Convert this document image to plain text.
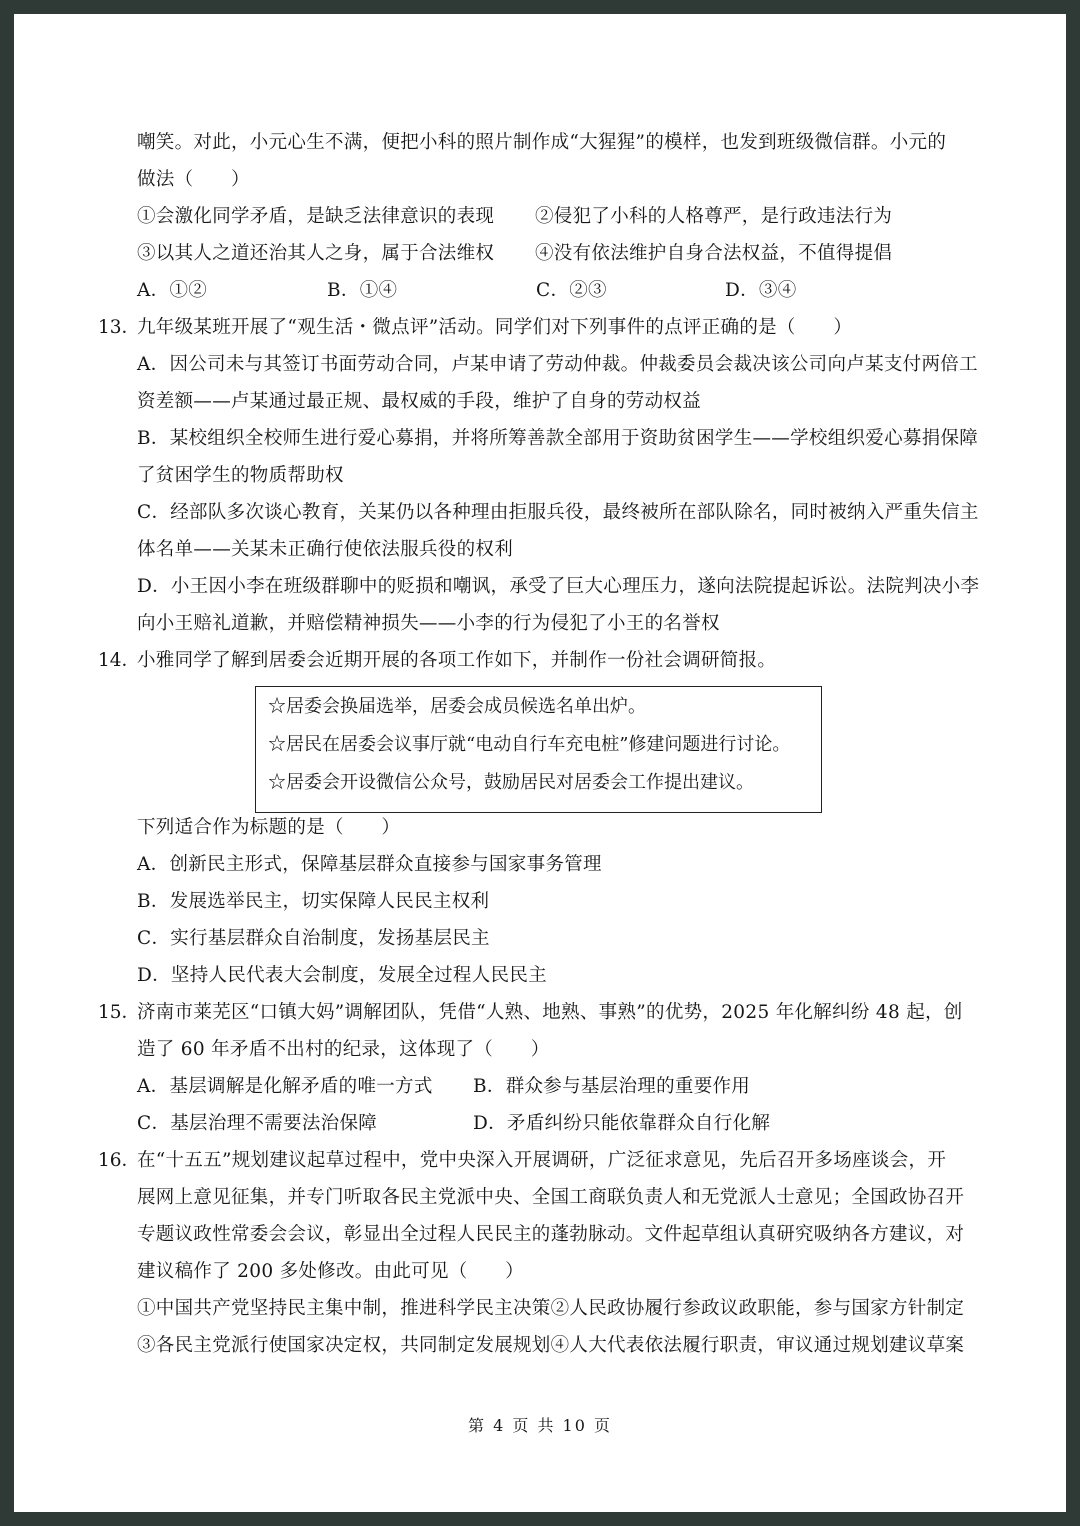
嘲笑。对此，小元心生不满，便把小科的照片制作成“大猩猩”的模样，也发到班级微信群。小元的
做法（　　）
①会激化同学矛盾，是缺乏法律意识的表现 ②侵犯了小科的人格尊严，是行政违法行为
③以其人之道还治其人之身，属于合法维权 ④没有依法维护自身合法权益，不值得提倡
A．①②	B．①④	C．②③	D．③④
13．
九年级某班开展了“观生活・微点评”活动。同学们对下列事件的点评正确的是（　　）
A．因公司未与其签订书面劳动合同，卢某申请了劳动仲裁。仲裁委员会裁决该公司向卢某支付两倍工
资差额——卢某通过最正规、最权威的手段，维护了自身的劳动权益
B．某校组织全校师生进行爱心募捐，并将所筹善款全部用于资助贫困学生——学校组织爱心募捐保障
了贫困学生的物质帮助权
C．经部队多次谈心教育，关某仍以各种理由拒服兵役，最终被所在部队除名，同时被纳入严重失信主
体名单——关某未正确行使依法服兵役的权利
D．小王因小李在班级群聊中的贬损和嘲讽，承受了巨大心理压力，遂向法院提起诉讼。法院判决小李
向小王赔礼道歉，并赔偿精神损失——小李的行为侵犯了小王的名誉权
14．
小雅同学了解到居委会近期开展的各项工作如下，并制作一份社会调研简报。
☆居委会换届选举，居委会成员候选名单出炉。
☆居民在居委会议事厅就“电动自行车充电桩”修建问题进行讨论。
☆居委会开设微信公众号，鼓励居民对居委会工作提出建议。
下列适合作为标题的是（　　）
A．创新民主形式，保障基层群众直接参与国家事务管理
B．发展选举民主，切实保障人民民主权利
C．实行基层群众自治制度，发扬基层民主
D．坚持人民代表大会制度，发展全过程人民民主
15．
济南市莱芜区“口镇大妈”调解团队，凭借“人熟、地熟、事熟”的优势，2025 年化解纠纷 48 起，创
造了 60 年矛盾不出村的纪录，这体现了（　　）
A．基层调解是化解矛盾的唯一方式 B．群众参与基层治理的重要作用
C．基层治理不需要法治保障	D．矛盾纠纷只能依靠群众自行化解
16．
在“十五五”规划建议起草过程中，党中央深入开展调研，广泛征求意见，先后召开多场座谈会，开
展网上意见征集，并专门听取各民主党派中央、全国工商联负责人和无党派人士意见；全国政协召开
专题议政性常委会会议，彰显出全过程人民民主的蓬勃脉动。文件起草组认真研究吸纳各方建议，对
建议稿作了 200 多处修改。由此可见（　　）
①中国共产党坚持民主集中制，推进科学民主决策②人民政协履行参政议政职能，参与国家方针制定
③各民主党派行使国家决定权，共同制定发展规划④人大代表依法履行职责，审议通过规划建议草案
第 4 页 共 10 页
